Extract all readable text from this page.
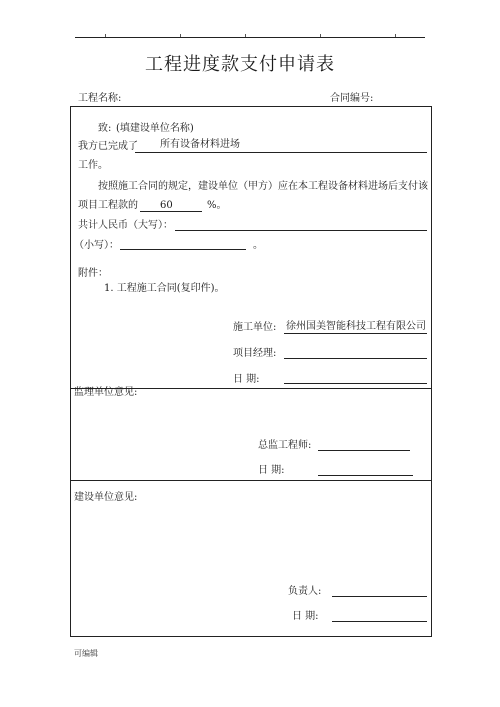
工程进度款支付申请表
工程名称:	合同编号:
致: (填建设单位名称)
我方已完成了 所有设备材料进场
工作。
按照施工合同的规定，建设单位（甲方）应在本工程设备材料进场后支付该
项目工程款的 60	%。
共计人民币（大写）：
（小写）：	。
附件：
1. 工程施工合同(复印件)。
施工单位: 徐州国美智能科技工程有限公司
项目经理:
日 期:
监理单位意见:
总监工程师:
日 期:
建设单位意见:
负责人:
日 期:
可编辑
